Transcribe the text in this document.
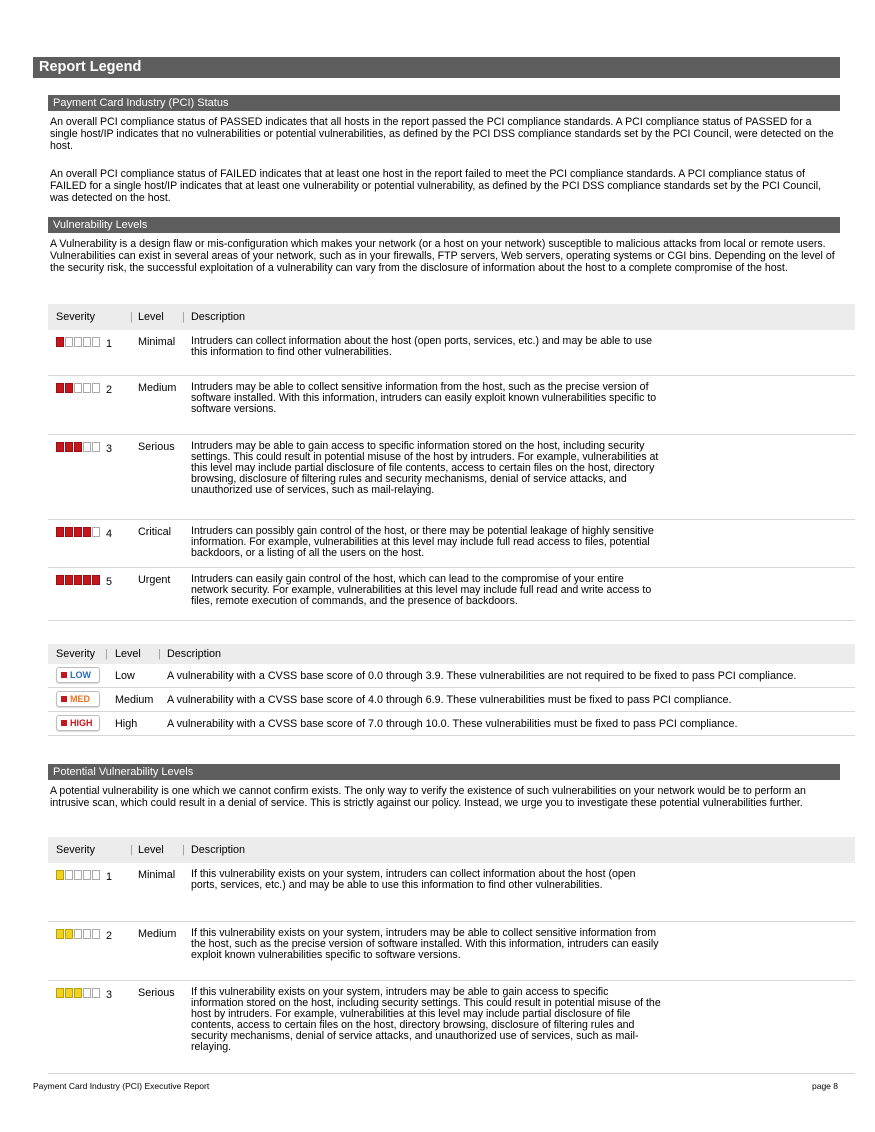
Report Legend
Payment Card Industry (PCI) Status
An overall PCI compliance status of PASSED indicates that all hosts in the report passed the PCI compliance standards. A PCI compliance status of PASSED for a single host/IP indicates that no vulnerabilities or potential vulnerabilities, as defined by the PCI DSS compliance standards set by the PCI Council, were detected on the host.
An overall PCI compliance status of FAILED indicates that at least one host in the report failed to meet the PCI compliance standards. A PCI compliance status of FAILED for a single host/IP indicates that at least one vulnerability or potential vulnerability, as defined by the PCI DSS compliance standards set by the PCI Council, was detected on the host.
Vulnerability Levels
A Vulnerability is a design flaw or mis-configuration which makes your network (or a host on your network) susceptible to malicious attacks from local or remote users. Vulnerabilities can exist in several areas of your network, such as in your firewalls, FTP servers, Web servers, operating systems or CGI bins. Depending on the level of the security risk, the successful exploitation of a vulnerability can vary from the disclosure of information about the host to a complete compromise of the host.
Severity	| Level | Description
1 Minimal Intruders can collect information about the host (open ports, services, etc.) and may be able to use this information to find other vulnerabilities.
2 Medium Intruders may be able to collect sensitive information from the host, such as the precise version of software installed. With this information, intruders can easily exploit known vulnerabilities specific to software versions.
3 Serious Intruders may be able to gain access to specific information stored on the host, including security settings. This could result in potential misuse of the host by intruders. For example, vulnerabilities at this level may include partial disclosure of file contents, access to certain files on the host, directory browsing, disclosure of filtering rules and security mechanisms, denial of service attacks, and unauthorized use of services, such as mail-relaying.
4 Critical Intruders can possibly gain control of the host, or there may be potential leakage of highly sensitive information. For example, vulnerabilities at this level may include full read access to files, potential backdoors, or a listing of all the users on the host.
5 Urgent Intruders can easily gain control of the host, which can lead to the compromise of your entire network security. For example, vulnerabilities at this level may include full read and write access to files, remote execution of commands, and the presence of backdoors.
Severity | Level | Description
LOW	Low	A vulnerability with a CVSS base score of 0.0 through 3.9. These vulnerabilities are not required to be fixed to pass PCI compliance.
MED	Medium A vulnerability with a CVSS base score of 4.0 through 6.9. These vulnerabilities must be fixed to pass PCI compliance.
HIGH	High	A vulnerability with a CVSS base score of 7.0 through 10.0. These vulnerabilities must be fixed to pass PCI compliance.
Potential Vulnerability Levels
A potential vulnerability is one which we cannot confirm exists. The only way to verify the existence of such vulnerabilities on your network would be to perform an intrusive scan, which could result in a denial of service. This is strictly against our policy. Instead, we urge you to investigate these potential vulnerabilities further.
Severity	| Level | Description
1 Minimal If this vulnerability exists on your system, intruders can collect information about the host (open ports, services, etc.) and may be able to use this information to find other vulnerabilities.
2 Medium If this vulnerability exists on your system, intruders may be able to collect sensitive information from the host, such as the precise version of software installed. With this information, intruders can easily exploit known vulnerabilities specific to software versions.
3 Serious If this vulnerability exists on your system, intruders may be able to gain access to specific information stored on the host, including security settings. This could result in potential misuse of the host by intruders. For example, vulnerabilities at this level may include partial disclosure of file contents, access to certain files on the host, directory browsing, disclosure of filtering rules and security mechanisms, denial of service attacks, and unauthorized use of services, such as mail-relaying.
Payment Card Industry (PCI) Executive Report	page 8
